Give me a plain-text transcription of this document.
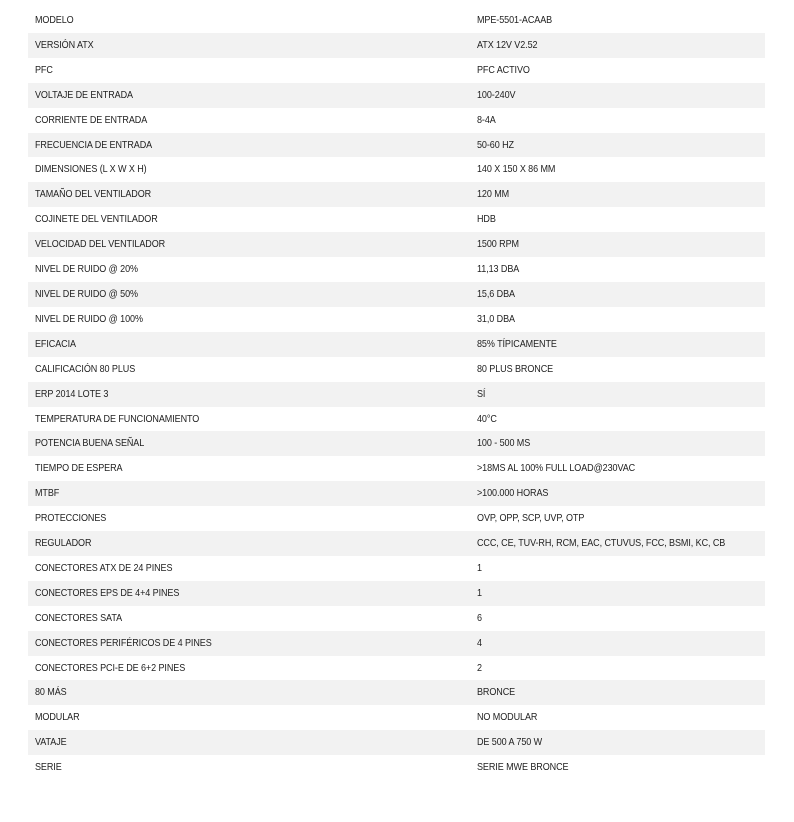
MODELO	MPE-5501-ACAAB
VERSIÓN ATX	ATX 12V V2.52
PFC	PFC ACTIVO
VOLTAJE DE ENTRADA	100-240V
CORRIENTE DE ENTRADA	8-4A
FRECUENCIA DE ENTRADA	50-60 HZ
DIMENSIONES (L X W X H)	140 X 150 X 86 MM
TAMAÑO DEL VENTILADOR	120 MM
COJINETE DEL VENTILADOR	HDB
VELOCIDAD DEL VENTILADOR	1500 RPM
NIVEL DE RUIDO @ 20%	11,13 DBA
NIVEL DE RUIDO @ 50%	15,6 DBA
NIVEL DE RUIDO @ 100%	31,0 DBA
EFICACIA	85% TÍPICAMENTE
CALIFICACIÓN 80 PLUS	80 PLUS BRONCE
ERP 2014 LOTE 3	SÍ
TEMPERATURA DE FUNCIONAMIENTO	40°C
POTENCIA BUENA SEÑAL	100 - 500 MS
TIEMPO DE ESPERA	>18MS AL 100% FULL LOAD@230VAC
MTBF	>100.000 HORAS
PROTECCIONES	OVP, OPP, SCP, UVP, OTP
REGULADOR	CCC, CE, TUV-RH, RCM, EAC, CTUVUS, FCC, BSMI, KC, CB
CONECTORES ATX DE 24 PINES	1
CONECTORES EPS DE 4+4 PINES	1
CONECTORES SATA	6
CONECTORES PERIFÉRICOS DE 4 PINES	4
CONECTORES PCI-E DE 6+2 PINES	2
80 MÁS	BRONCE
MODULAR	NO MODULAR
VATAJE	DE 500 A 750 W
SERIE	SERIE MWE BRONCE
